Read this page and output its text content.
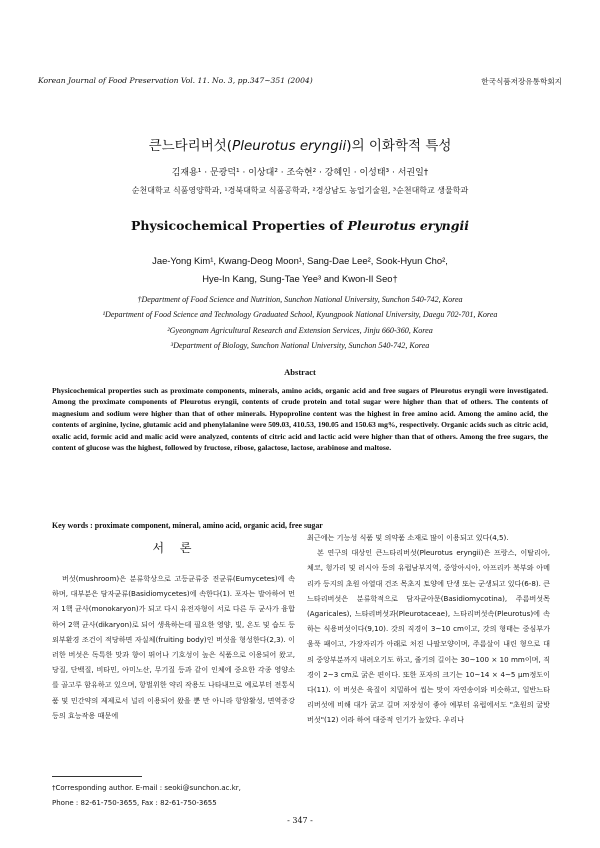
Korean Journal of Food Preservation Vol. 11. No. 3, pp.347~351 (2004)	한국식품저장유통학회지
큰느타리버섯(Pleurotus eryngii)의 이화학적 특성
김재용¹ · 문광덕¹ · 이상대² · 조숙현² · 강혜인 · 이성태³ · 서권일†
순천대학교 식품영양학과, ¹경북대학교 식품공학과, ²경상남도 농업기술원, ³순천대학교 생물학과
Physicochemical Properties of Pleurotus eryngii
Jae-Yong Kim¹, Kwang-Deog Moon¹, Sang-Dae Lee², Sook-Hyun Cho²,
Hye-In Kang, Sung-Tae Yee³ and Kwon-Il Seo†
†Department of Food Science and Nutrition, Sunchon National University, Sunchon 540-742, Korea
¹Department of Food Science and Technology Graduated School, Kyungpook National University, Daegu 702-701, Korea
²Gyeongnam Agricultural Research and Extension Services, Jinju 660-360, Korea
³Department of Biology, Sunchon National University, Sunchon 540-742, Korea
Abstract
Physicochemical properties such as proximate components, minerals, amino acids, organic acid and free sugars of Pleurotus eryngii were investigated. Among the proximate components of Pleurotus eryngii, contents of crude protein and total sugar were higher than that of others. The contents of magnesium and sodium were higher than that of other minerals. Hypoproline content was the highest in free amino acid. Among the amino acid, the contents of arginine, lycine, glutamic acid and phenylalanine were 509.03, 410.53, 190.05 and 150.63 mg%, respectively. Organic acids such as citric acid, oxalic acid, formic acid and malic acid were analyzed, contents of citric acid and lactic acid were higher than that of others. Among the free sugars, the content of glucose was the highest, followed by fructose, ribose, galactose, lactose, arabinose and maltose.
Key words : proximate component, mineral, amino acid, organic acid, free sugar
서 론

버섯(mushroom)은 분류학상으로 고등균류중 진균류(Eumycetes)에 속하며, 대부분은 담자균류(Basidiomycetes)에 속한다(1). 포자는 발아하여 먼저 1핵 균사(monokaryon)가 되고 다시 유전자형이 서로 다른 두 균사가 융합하여 2핵 균사(dikaryon)로 되어 생육하는데 필요한 영양, 빛, 온도 및 습도 등 외부환경 조건이 적당하면 자실체(fruiting body)인 버섯을 형성한다(2,3). 이러한 버섯은 독특한 맛과 향이 뛰어나 기호성이 높은 식품으로 이용되어 왔고, 당질, 단백질, 비타민, 아미노산, 무기질 등과 같이 인체에 중요한 각종 영양소를 골고루 함유하고 있으며, 항벌위한 약리 작용도 나타내므로 예로부터 전통식품 및 민간약의 제제로서 널리 이용되어 왔을 뿐 만 아니라 항암활성, 면역증강 등의 효능작용 때문에

최근에는 기능성 식품 및 의약품 소재로 많이 이용되고 있다(4,5).

본 연구의 대상인 큰느타리버섯(Pleurotus eryngii)은 프랑스, 이탈리아, 체코, 헝가리 및 러시아 등의 유럽남부지역, 중앙아시아, 아프리카 북부와 아메리카 등지의 초원 아열대 건조 목초지 토양에 단생 또는 군생되고 있다(6-8). 큰느타리버섯은 분류학적으로 담자균아문(Basidiomycotina), 주름버섯목(Agaricales), 느타리버섯과(Pleurotaceae), 느타리버섯속(Pleurotus)에 속하는 식용버섯이다(9,10). 갓의 직경이 3~10 cm이고, 갓의 형태는 중심부가 움푹 패이고, 가장자리가 아래로 처진 나팔모양이며, 주름살이 내린 형으로 대의 중앙부분까지 내려오기도 하고, 줄기의 길이는 30~100 × 10 mm이며, 직경이 2~3 cm로 굵은 편이다. 또한 포자의 크기는 10~14 × 4~5 μm정도이다(11). 이 버섯은 육질이 치밀하여 씹는 맛이 자연송이와 비슷하고, 일반느타리버섯에 비해 대가 굵고 길며 저장성이 좋아 예부터 유럽에서도 "초원의 굴밧버섯"(12) 이라 하여 대중적 인기가 높았다. 우리나

†Corresponding author. E-mail : seoki@sunchon.ac.kr,
Phone : 82-61-750-3655, Fax : 82-61-750-3655
- 347 -
